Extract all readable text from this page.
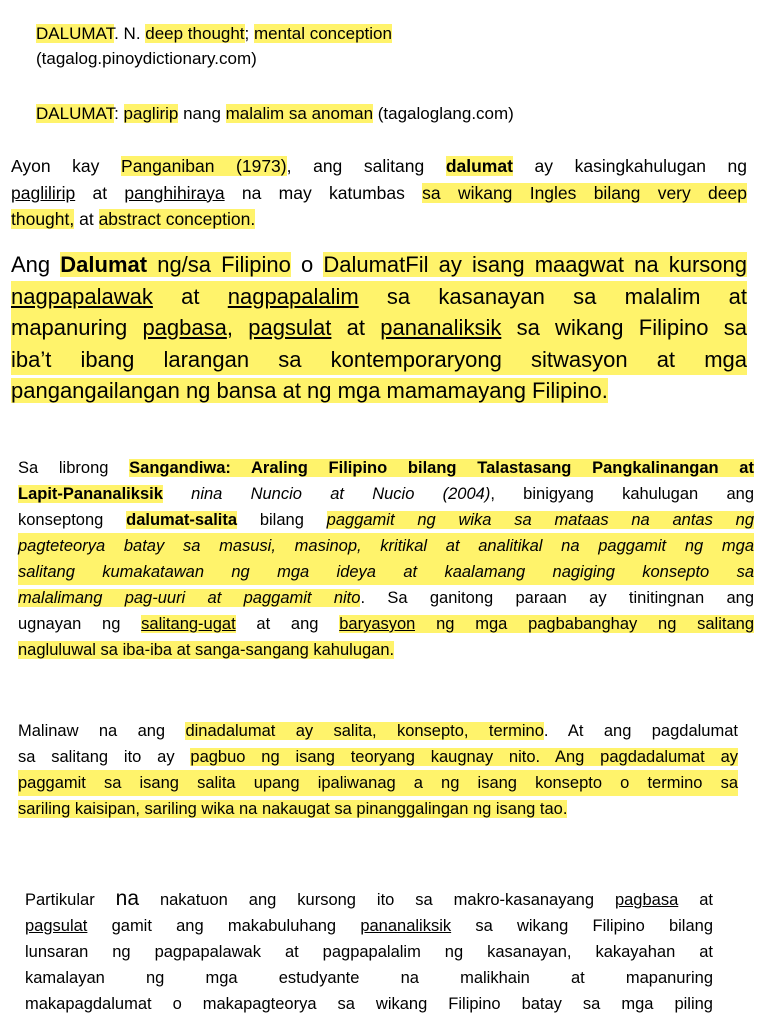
DALUMAT. N. deep thought; mental conception
(tagalog.pinoydictionary.com)
DALUMAT: paglirip nang malalim sa anoman (tagaloglang.com)
Ayon kay Panganiban (1973), ang salitang dalumat ay kasingkahulugan ng
paglilirip at panghihiraya na may katumbas sa wikang Ingles bilang very deep
thought, at abstract conception.
Ang Dalumat ng/sa Filipino o DalumatFil ay isang maagwat na kursong
nagpapalawak at nagpapalalim sa kasanayan sa malalim at
mapanuring pagbasa, pagsulat at pananaliksik sa wikang Filipino sa
iba’t ibang larangan sa kontemporaryong sitwasyon at mga
pangangailangan ng bansa at ng mga mamamayang Filipino.
Sa librong Sangandiwa: Araling Filipino bilang Talastasang Pangkalinangan at
Lapit-Pananaliksik nina Nuncio at Nucio (2004), binigyang kahulugan ang
konseptong dalumat-salita bilang paggamit ng wika sa mataas na antas ng
pagteteorya batay sa masusi, masinop, kritikal at analitikal na paggamit ng mga
salitang kumakatawan ng mga ideya at kaalamang nagiging konsepto sa
malalimang pag-uuri at paggamit nito. Sa ganitong paraan ay tinitingnan ang
ugnayan ng salitang-ugat at ang baryasyon ng mga pagbabanghay ng salitang
nagluluwal sa iba-iba at sanga-sangang kahulugan.
Malinaw na ang dinadalumat ay salita, konsepto, termino. At ang pagdalumat
sa salitang ito ay pagbuo ng isang teoryang kaugnay nito. Ang pagdadalumat ay
paggamit sa isang salita upang ipaliwanag a ng isang konsepto o termino sa
sariling kaisipan, sariling wika na nakaugat sa pinanggalingan ng isang tao.
Partikular na nakatuon ang kursong ito sa makro-kasanayang pagbasa at
pagsulat gamit ang makabuluhang pananaliksik sa wikang Filipino bilang
lunsaran ng pagpapalawak at pagpapalalim ng kasanayan, kakayahan at
kamalayan ng mga estudyante na malikhain at mapanuring
makapagdalumat o makapagteorya sa wikang Filipino batay sa mga piling
